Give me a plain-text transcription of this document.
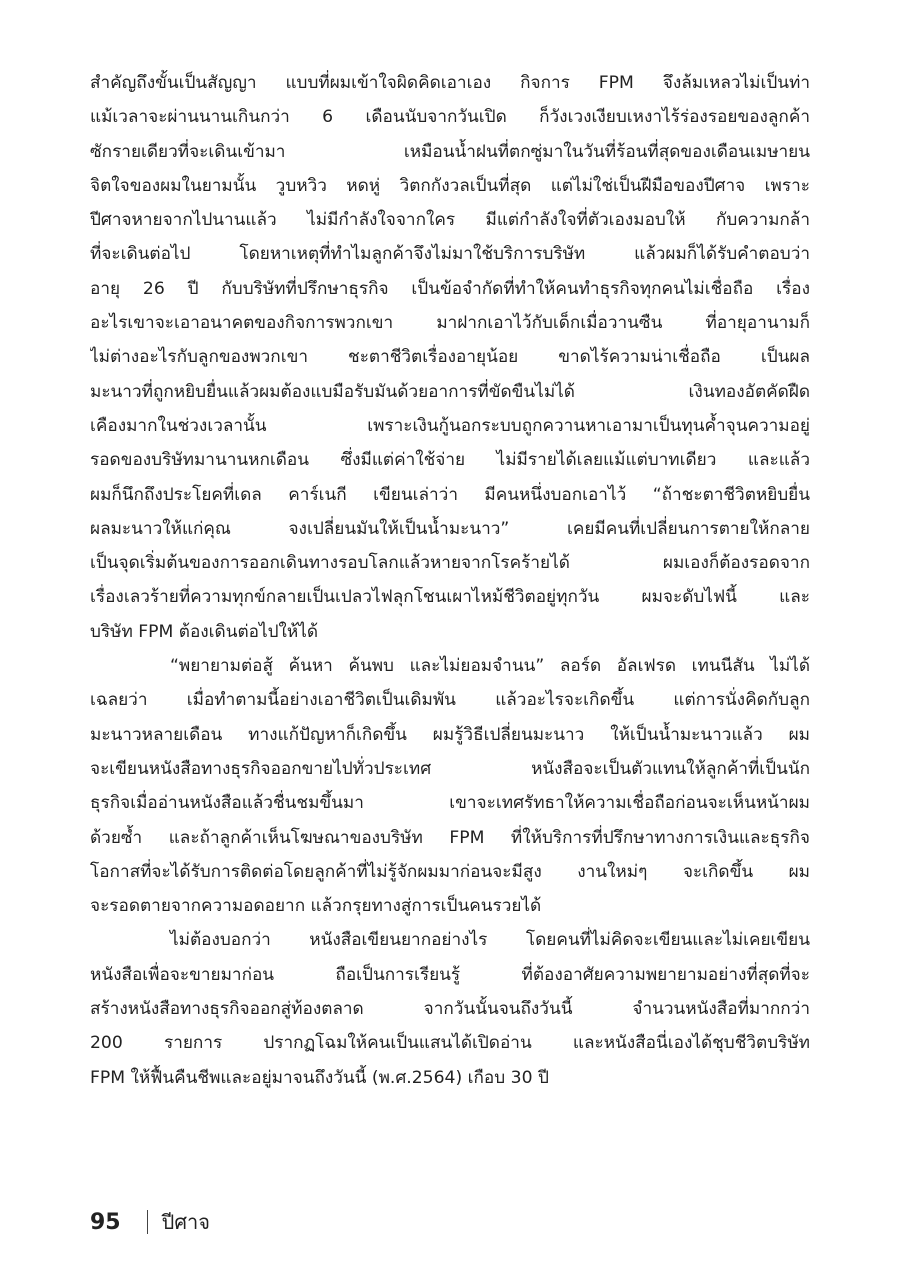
สำคัญถึงขั้นเป็นสัญญา แบบที่ผมเข้าใจผิดคิดเอาเอง กิจการ FPM จึงล้มเหลวไม่เป็นท่า
แม้เวลาจะผ่านนานเกินกว่า 6 เดือนนับจากวันเปิด ก็วังเวงเงียบเหงาไร้ร่องรอยของลูกค้า
ซักรายเดียวที่จะเดินเข้ามา เหมือนน้ำฝนที่ตกซู่มาในวันที่ร้อนที่สุดของเดือนเมษายน
จิตใจของผมในยามนั้น วูบหวิว หดหู่ วิตกกังวลเป็นที่สุด แต่ไม่ใช่เป็นฝีมือของปีศาจ เพราะ
ปีศาจหายจากไปนานแล้ว ไม่มีกำลังใจจากใคร มีแต่กำลังใจที่ตัวเองมอบให้ กับความกล้า
ที่จะเดินต่อไป โดยหาเหตุที่ทำไมลูกค้าจึงไม่มาใช้บริการบริษัท แล้วผมก็ได้รับคำตอบว่า
อายุ 26 ปี กับบริษัทที่ปรึกษาธุรกิจ เป็นข้อจำกัดที่ทำให้คนทำธุรกิจทุกคนไม่เชื่อถือ เรื่อง
อะไรเขาจะเอาอนาคตของกิจการพวกเขา มาฝากเอาไว้กับเด็กเมื่อวานซืน ที่อายุอานามก็
ไม่ต่างอะไรกับลูกของพวกเขา ชะตาชีวิตเรื่องอายุน้อย ขาดไร้ความน่าเชื่อถือ เป็นผล
มะนาวที่ถูกหยิบยื่นแล้วผมต้องแบมือรับมันด้วยอาการที่ขัดขืนไม่ได้ เงินทองอัตคัดฝืด
เคืองมากในช่วงเวลานั้น เพราะเงินกู้นอกระบบถูกควานหาเอามาเป็นทุนค้ำจุนความอยู่
รอดของบริษัทมานานหกเดือน ซึ่งมีแต่ค่าใช้จ่าย ไม่มีรายได้เลยแม้แต่บาทเดียว และแล้ว
ผมก็นึกถึงประโยคที่เดล คาร์เนกี เขียนเล่าว่า มีคนหนึ่งบอกเอาไว้ “ถ้าชะตาชีวิตหยิบยื่น
ผลมะนาวให้แก่คุณ จงเปลี่ยนมันให้เป็นน้ำมะนาว” เคยมีคนที่เปลี่ยนการตายให้กลาย
เป็นจุดเริ่มต้นของการออกเดินทางรอบโลกแล้วหายจากโรคร้ายได้ ผมเองก็ต้องรอดจาก
เรื่องเลวร้ายที่ความทุกข์กลายเป็นเปลวไฟลุกโชนเผาไหม้ชีวิตอยู่ทุกวัน ผมจะดับไฟนี้ และ
บริษัท FPM ต้องเดินต่อไปให้ได้
“พยายามต่อสู้ ค้นหา ค้นพบ และไม่ยอมจำนน” ลอร์ด อัลเฟรด เทนนีสัน ไม่ได้
เฉลยว่า เมื่อทำตามนี้อย่างเอาชีวิตเป็นเดิมพัน แล้วอะไรจะเกิดขึ้น แต่การนั่งคิดกับลูก
มะนาวหลายเดือน ทางแก้ปัญหาก็เกิดขึ้น ผมรู้วิธีเปลี่ยนมะนาว ให้เป็นน้ำมะนาวแล้ว ผม
จะเขียนหนังสือทางธุรกิจออกขายไปทั่วประเทศ หนังสือจะเป็นตัวแทนให้ลูกค้าที่เป็นนัก
ธุรกิจเมื่ออ่านหนังสือแล้วชื่นชมขึ้นมา เขาจะเทศรัทธาให้ความเชื่อถือก่อนจะเห็นหน้าผม
ด้วยซ้ำ และถ้าลูกค้าเห็นโฆษณาของบริษัท FPM ที่ให้บริการที่ปรึกษาทางการเงินและธุรกิจ
โอกาสที่จะได้รับการติดต่อโดยลูกค้าที่ไม่รู้จักผมมาก่อนจะมีสูง งานใหม่ๆ จะเกิดขึ้น ผม
จะรอดตายจากความอดอยาก แล้วกรุยทางสู่การเป็นคนรวยได้
ไม่ต้องบอกว่า หนังสือเขียนยากอย่างไร โดยคนที่ไม่คิดจะเขียนและไม่เคยเขียน
หนังสือเพื่อจะขายมาก่อน ถือเป็นการเรียนรู้ ที่ต้องอาศัยความพยายามอย่างที่สุดที่จะ
สร้างหนังสือทางธุรกิจออกสู่ท้องตลาด จากวันนั้นจนถึงวันนี้ จำนวนหนังสือที่มากกว่า
200 รายการ ปรากฏโฉมให้คนเป็นแสนได้เปิดอ่าน และหนังสือนี่เองได้ชุบชีวิตบริษัท
FPM ให้ฟื้นคืนชีพและอยู่มาจนถึงวันนี้ (พ.ศ.2564) เกือบ 30 ปี
95 ปีศาจ
